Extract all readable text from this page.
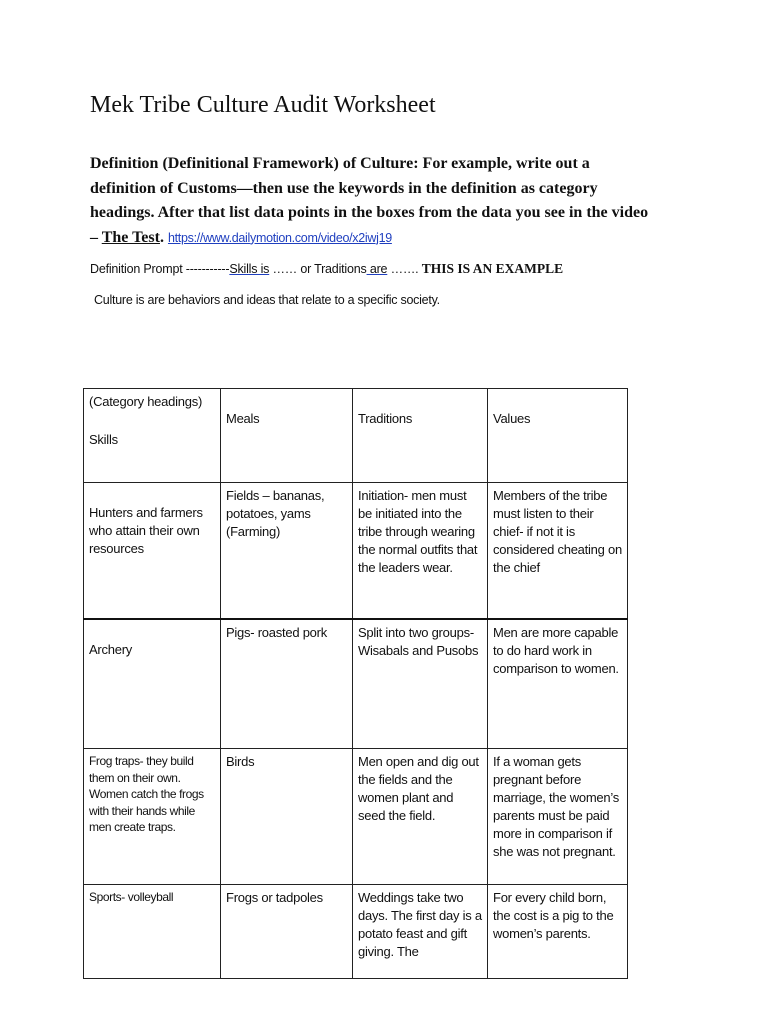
Mek Tribe Culture Audit Worksheet

Definition (Definitional Framework) of Culture: For example, write out a
definition of Customs—then use the keywords in the definition as category
headings. After that list data points in the boxes from the data you see in the video
– The Test. https://www.dailymotion.com/video/x2iwj19

Definition Prompt -----------Skills is …… or Traditions are ……. THIS IS AN EXAMPLE

Culture is are behaviors and ideas that relate to a specific society.

(Category headings)
Skills	Meals	Traditions	Values
Hunters and farmers who attain their own resources	Fields – bananas, potatoes, yams (Farming)	Initiation- men must be initiated into the tribe through wearing the normal outfits that the leaders wear.	Members of the tribe must listen to their chief- if not it is considered cheating on the chief
Archery	Pigs- roasted pork	Split into two groups- Wisabals and Pusobs	Men are more capable to do hard work in comparison to women.
Frog traps- they build them on their own. Women catch the frogs with their hands while men create traps.	Birds	Men open and dig out the fields and the women plant and seed the field.	If a woman gets pregnant before marriage, the women’s parents must be paid more in comparison if she was not pregnant.
Sports- volleyball	Frogs or tadpoles	Weddings take two days. The first day is a potato feast and gift giving. The	For every child born, the cost is a pig to the women’s parents.
